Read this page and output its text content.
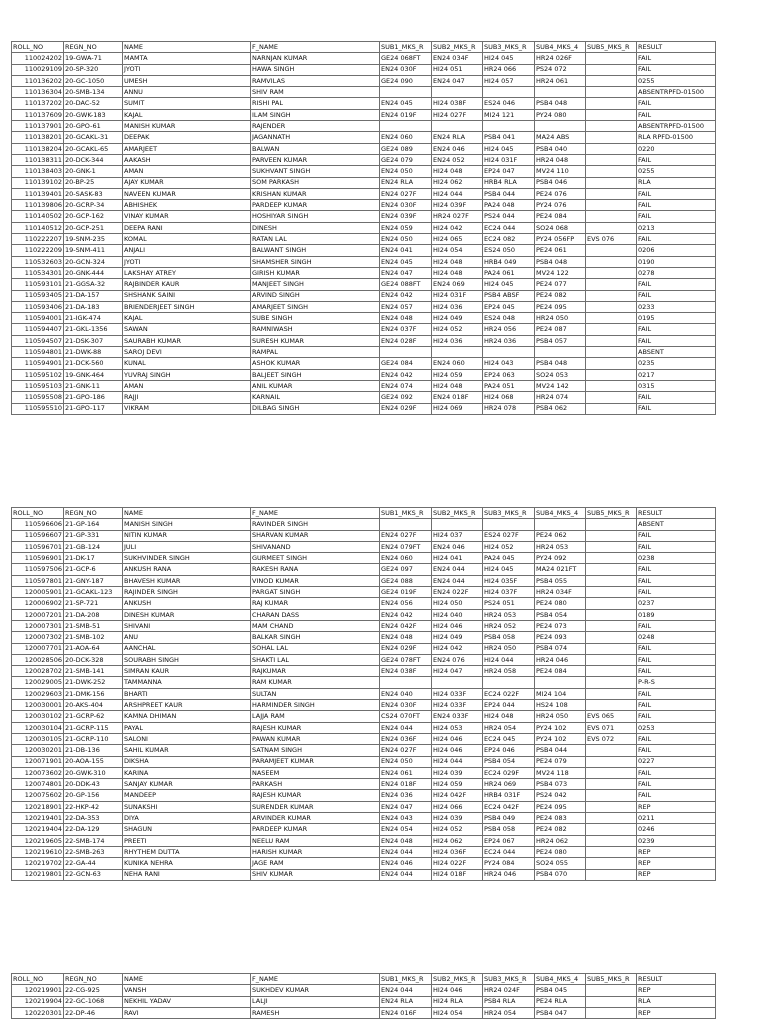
ROLL_NO	REGN_NO	NAME	F_NAME	SUB1_MKS_R	SUB2_MKS_R	SUB3_MKS_R	SUB4_MKS_4	SUB5_MKS_R	RESULT
110024202	19-GWA-71	MAMTA	NARNJAN KUMAR	GE24 068FT	EN24 034F	HI24 045	HR24 026F		FAIL
110029109	20-SP-320	JYOTI	HAWA SINGH	EN24 030F	HI24 051	HR24 066	PS24 072		FAIL
110136202	20-GC-1050	UMESH	RAMVILAS	GE24 090	EN24 047	HI24 057	HR24 061		0255
110136304	20-SMB-134	ANNU	SHIV RAM						ABSENTRPFD-01500
110137202	20-DAC-52	SUMIT	RISHI PAL	EN24 045	HI24 038F	ES24 046	PSB4 048		FAIL
110137609	20-GWK-183	KAJAL	ILAM SINGH	EN24 019F	HI24 027F	MI24 121	PY24 080		FAIL
110137901	20-GPO-61	MANISH KUMAR	RAJENDER						ABSENTRPFD-01500
110138201	20-GCAKL-31	DEEPAK	JAGANNATH	EN24 060	EN24 RLA	PSB4 041	MA24 ABS		RLA RPFD-01500
110138204	20-GCAKL-65	AMARJEET	BALWAN	GE24 089	EN24 046	HI24 045	PSB4 040		0220
110138311	20-DCK-344	AAKASH	PARVEEN KUMAR	GE24 079	EN24 052	HI24 031F	HR24 048		FAIL
110138403	20-GNK-1	AMAN	SUKHVANT SINGH	EN24 050	HI24 048	EP24 047	MV24 110		0255
110139102	20-BP-25	AJAY KUMAR	SOM PARKASH	EN24 RLA	HI24 062	HRB4 RLA	PSB4 046		RLA
110139401	20-SASK-83	NAVEEN KUMAR	KRISHAN KUMAR	EN24 027F	HI24 044	PSB4 044	PE24 076		FAIL
110139806	20-GCRP-34	ABHISHEK	PARDEEP KUMAR	EN24 030F	HI24 039F	PA24 048	PY24 076		FAIL
110140502	20-GCP-162	VINAY KUMAR	HOSHIYAR SINGH	EN24 039F	HR24 027F	PS24 044	PE24 084		FAIL
110140512	20-GCP-251	DEEPA RANI	DINESH	EN24 059	HI24 042	EC24 044	SO24 068		0213
110222207	19-SNM-235	KOMAL	RATAN LAL	EN24 050	HI24 065	EC24 082	PY24 056FP	EVS 076	FAIL
110222209	19-SNM-411	ANJALI	BALWANT SINGH	EN24 041	HI24 054	ES24 050	PE24 061		0206
110532603	20-GCN-324	JYOTI	SHAMSHER SINGH	EN24 045	HI24 048	HRB4 049	PSB4 048		0190
110534301	20-GNK-444	LAKSHAY ATREY	GIRISH KUMAR	EN24 047	HI24 048	PA24 061	MV24 122		0278
110593101	21-GGSA-32	RAJBINDER KAUR	MANJEET SINGH	GE24 088FT	EN24 069	HI24 045	PE24 077		FAIL
110593405	21-DA-157	SHSHANK SAINI	ARVIND SINGH	EN24 042	HI24 031F	PSB4 ABSF	PE24 082		FAIL
110593406	21-DA-183	BRIENDERJEET SINGH	AMARJEET SINGH	EN24 057	HI24 036	EP24 045	PE24 095		0233
110594001	21-IGK-474	KAJAL	SUBE SINGH	EN24 048	HI24 049	ES24 048	HR24 050		0195
110594407	21-GKL-1356	SAWAN	RAMNIWASH	EN24 037F	HI24 052	HR24 056	PE24 087		FAIL
110594507	21-DSK-307	SAURABH KUMAR	SURESH KUMAR	EN24 028F	HI24 036	HR24 036	PSB4 057		FAIL
110594801	21-DWK-88	SAROJ DEVI	RAMPAL						ABSENT
110594901	21-DCK-560	KUNAL	ASHOK KUMAR	GE24 084	EN24 060	HI24 043	PSB4 048		0235
110595102	19-GNK-464	YUVRAJ SINGH	BALJEET SINGH	EN24 042	HI24 059	EP24 063	SO24 053		0217
110595103	21-GNK-11	AMAN	ANIL KUMAR	EN24 074	HI24 048	PA24 051	MV24 142		0315
110595508	21-GPO-186	RAJJI	KARNAIL	GE24 092	EN24 018F	HI24 068	HR24 074		FAIL
110595510	21-GPO-117	VIKRAM	DILBAG SINGH	EN24 029F	HI24 069	HR24 078	PSB4 062		FAIL
ROLL_NO	REGN_NO	NAME	F_NAME	SUB1_MKS_R	SUB2_MKS_R	SUB3_MKS_R	SUB4_MKS_4	SUB5_MKS_R	RESULT
110596606	21-GP-164	MANISH SINGH	RAVINDER SINGH						ABSENT
110596607	21-GP-331	NITIN KUMAR	SHARVAN KUMAR	EN24 027F	HI24 037	ES24 027F	PE24 062		FAIL
110596701	21-GB-124	JULI	SHIVANAND	EN24 079FT	EN24 046	HI24 052	HR24 053		FAIL
110596901	21-DK-17	SUKHVINDER SINGH	GURMEET SINGH	EN24 060	HI24 041	PA24 045	PY24 092		0238
110597506	21-GCP-6	ANKUSH RANA	RAKESH RANA	GE24 097	EN24 044	HI24 045	MA24 021FT		FAIL
110597801	21-GNY-187	BHAVESH KUMAR	VINOD KUMAR	GE24 088	EN24 044	HI24 035F	PSB4 055		FAIL
120005901	21-GCAKL-123	RAJINDER SINGH	PARGAT SINGH	GE24 019F	EN24 022F	HI24 037F	HR24 034F		FAIL
120006902	21-SP-721	ANKUSH	RAJ KUMAR	EN24 056	HI24 050	PS24 051	PE24 080		0237
120007201	21-DA-208	DINESH KUMAR	CHARAN DASS	EN24 042	HI24 040	HR24 053	PSB4 054		0189
120007301	21-SMB-51	SHIVANI	MAM CHAND	EN24 042F	HI24 046	HR24 052	PE24 073		FAIL
120007302	21-SMB-102	ANU	BALKAR SINGH	EN24 048	HI24 049	PSB4 058	PE24 093		0248
120007701	21-AOA-64	AANCHAL	SOHAL LAL	EN24 029F	HI24 042	HR24 050	PSB4 074		FAIL
120028506	20-DCK-328	SOURABH SINGH	SHAKTI LAL	GE24 078FT	EN24 076	HI24 044	HR24 046		FAIL
120028702	21-SMB-141	SIMRAN KAUR	RAJKUMAR	EN24 038F	HI24 047	HR24 058	PE24 084		FAIL
120029005	21-DWK-252	TAMMANNA	RAM KUMAR						P-R-S
120029603	21-DMK-156	BHARTI	SULTAN	EN24 040	HI24 033F	EC24 022F	MI24 104		FAIL
120030001	20-AKS-404	ARSHPREET KAUR	HARMINDER SINGH	EN24 030F	HI24 033F	EP24 044	HS24 108		FAIL
120030102	21-GCRP-62	KAMNA DHIMAN	LAJJA RAM	CS24 070FT	EN24 033F	HI24 048	HR24 050	EVS 065	FAIL
120030104	21-GCRP-115	PAYAL	RAJESH KUMAR	EN24 044	HI24 053	HR24 054	PY24 102	EVS 071	0253
120030105	21-GCRP-110	SALONI	PAWAN KUMAR	EN24 036F	HI24 046	EC24 045	PY24 102	EVS 072	FAIL
120030201	21-DB-136	SAHIL KUMAR	SATNAM SINGH	EN24 027F	HI24 046	EP24 046	PSB4 044		FAIL
120071901	20-AOA-155	DIKSHA	PARAMJEET KUMAR	EN24 050	HI24 044	PSB4 054	PE24 079		0227
120073602	20-GWK-310	KARINA	NASEEM	EN24 061	HI24 039	EC24 029F	MV24 118		FAIL
120074801	20-DDK-43	SANJAY KUMAR	PARKASH	EN24 018F	HI24 059	HR24 069	PSB4 073		FAIL
120075602	20-GP-156	MANDEEP	RAJESH KUMAR	EN24 036	HI24 042F	HRB4 031F	PS24 042		FAIL
120218901	22-HKP-42	SUNAKSHI	SURENDER KUMAR	EN24 047	HI24 066	EC24 042F	PE24 095		REP
120219401	22-DA-353	DIYA	ARVINDER KUMAR	EN24 043	HI24 039	PSB4 049	PE24 083		0211
120219404	22-DA-129	SHAGUN	PARDEEP KUMAR	EN24 054	HI24 052	PSB4 058	PE24 082		0246
120219605	22-SMB-174	PREETI	NEELU RAM	EN24 048	HI24 062	EP24 067	HR24 062		0239
120219610	22-SMB-263	RHYTHEM DUTTA	HARISH KUMAR	EN24 044	HI24 036F	EC24 044	PE24 080		REP
120219702	22-GA-44	KUNIKA NEHRA	JAGE RAM	EN24 046	HI24 022F	PY24 084	SO24 055		REP
120219801	22-GCN-63	NEHA RANI	SHIV KUMAR	EN24 044	HI24 018F	HR24 046	PSB4 070		REP
ROLL_NO	REGN_NO	NAME	F_NAME	SUB1_MKS_R	SUB2_MKS_R	SUB3_MKS_R	SUB4_MKS_4	SUB5_MKS_R	RESULT
120219901	22-CG-925	VANSH	SUKHDEV KUMAR	EN24 044	HI24 046	HR24 024F	PSB4 045		REP
120219904	22-GC-1068	NEKHIL YADAV	LALJI	EN24 RLA	HI24 RLA	PSB4 RLA	PE24 RLA		RLA
120220301	22-DP-46	RAVI	RAMESH	EN24 016F	HI24 054	HR24 054	PSB4 047		REP
